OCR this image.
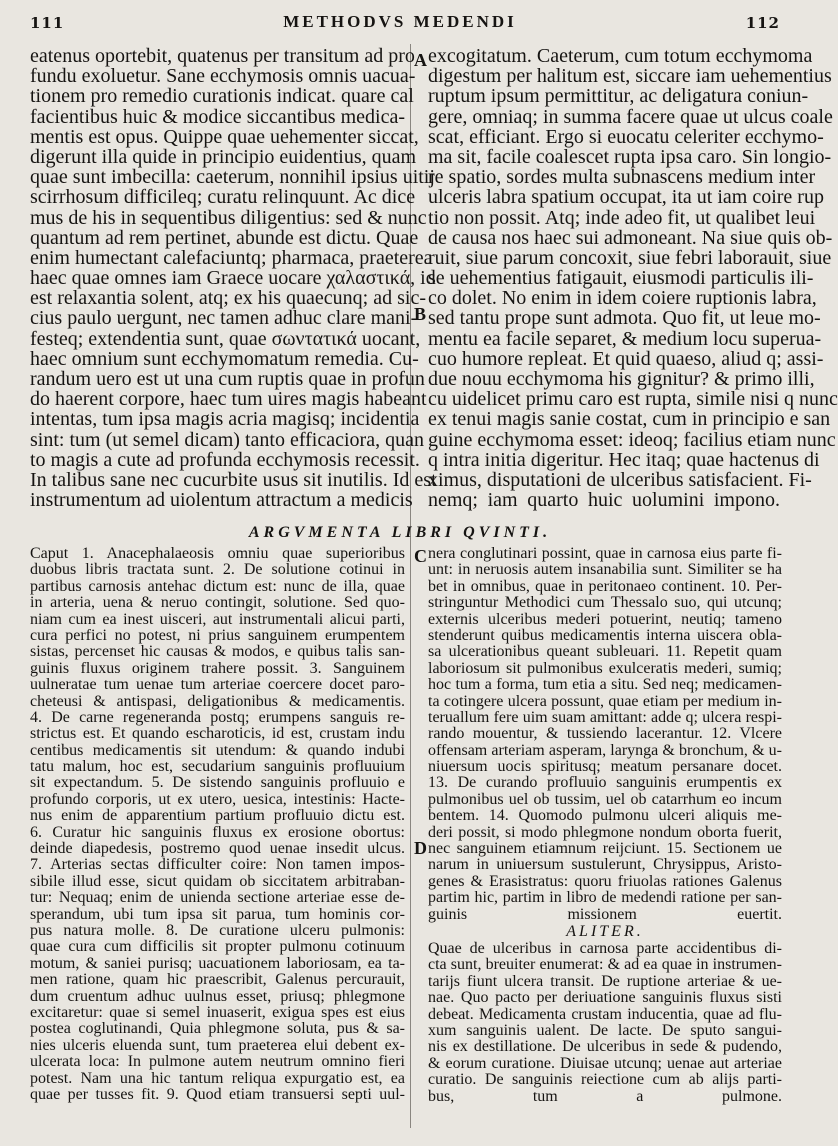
111	METHODVS MEDENDI	112
A
B
C
D
eatenus oportebit, quatenus per transitum ad pro
fundu exoluetur. Sane ecchymosis omnis uacua-
tionem pro remedio curationis indicat. quare cal
facientibus huic & modice siccantibus medica-
mentis est opus. Quippe quae uehementer siccat,
digerunt illa quide in principio euidentius, quam
quae sunt imbecilla: caeterum, nonnihil ipsius uitij
scirrhosum difficileq; curatu relinquunt. Ac dice
mus de his in sequentibus diligentius: sed & nunc
quantum ad rem pertinet, abunde est dictu. Quae
enim humectant calefaciuntq; pharmaca, praeterea
haec quae omnes iam Graece uocare χαλαστικά, id
est relaxantia solent, atq; ex his quaecunq; ad sic-
cius paulo uergunt, nec tamen adhuc clare mani-
festeq; extendentia sunt, quae σωντατικά uocant,
haec omnium sunt ecchymomatum remedia. Cu-
randum uero est ut una cum ruptis quae in profun
do haerent corpore, haec tum uires magis habeant
intentas, tum ipsa magis acria magisq; incidentia
sint: tum (ut semel dicam) tanto efficaciora, quan
to magis a cute ad profunda ecchymosis recessit.
In talibus sane nec cucurbite usus sit inutilis. Id est
instrumentum ad uiolentum attractum a medicis
excogitatum. Caeterum, cum totum ecchymoma
digestum per halitum est, siccare iam uehementius
ruptum ipsum permittitur, ac deligatura coniun-
gere, omniaq; in summa facere quae ut ulcus coale
scat, efficiant. Ergo si euocatu celeriter ecchymo-
ma sit, facile coalescet rupta ipsa caro. Sin longio-
re spatio, sordes multa subnascens medium inter
ulceris labra spatium occupat, ita ut iam coire rup
tio non possit. Atq; inde adeo fit, ut qualibet leui
de causa nos haec sui admoneant. Na siue quis ob-
ruit, siue parum concoxit, siue febri laborauit, siue
se uehementius fatigauit, eiusmodi particulis ili-
co dolet. No enim in idem coiere ruptionis labra,
sed tantu prope sunt admota. Quo fit, ut leue mo-
mentu ea facile separet, & medium locu superua-
cuo humore repleat. Et quid quaeso, aliud q; assi-
due nouu ecchymoma his gignitur? & primo illi,
cu uidelicet primu caro est rupta, simile nisi q nunc
ex tenui magis sanie costat, cum in principio e san
guine ecchymoma esset: ideoq; facilius etiam nunc
q intra initia digeritur. Hec itaq; quae hactenus di
ximus, disputationi de ulceribus satisfacient. Fi-
nemq; iam quarto huic uolumini impono.
ARGVMENTA LIBRI QVINTI.
Caput 1. Anacephalaeosis omniu quae superioribus
duobus libris tractata sunt. 2. De solutione cotinui in
partibus carnosis antehac dictum est: nunc de illa, quae
in arteria, uena & neruo contingit, solutione. Sed quo-
niam cum ea inest uisceri, aut instrumentali alicui parti,
cura perfici no potest, ni prius sanguinem erumpentem
sistas, percenset hic causas & modos, e quibus talis san-
guinis fluxus originem trahere possit. 3. Sanguinem
uulneratae tum uenae tum arteriae coercere docet paro-
cheteusi & antispasi, deligationibus & medicamentis.
4. De carne regeneranda postq; erumpens sanguis re-
strictus est. Et quando escharoticis, id est, crustam indu
centibus medicamentis sit utendum: & quando indubi
tatu malum, hoc est, secudarium sanguinis profluuium
sit expectandum. 5. De sistendo sanguinis profluuio e
profundo corporis, ut ex utero, uesica, intestinis: Hacte-
nus enim de apparentium partium profluuio dictu est.
6. Curatur hic sanguinis fluxus ex erosione obortus:
deinde diapedesis, postremo quod uenae insedit ulcus.
7. Arterias sectas difficulter coire: Non tamen impos-
sibile illud esse, sicut quidam ob siccitatem arbitraban-
tur: Nequaq; enim de unienda sectione arteriae esse de-
sperandum, ubi tum ipsa sit parua, tum hominis cor-
pus natura molle. 8. De curatione ulceru pulmonis:
quae cura cum difficilis sit propter pulmonu cotinuum
motum, & saniei purisq; uacuationem laboriosam, ea ta-
men ratione, quam hic praescribit, Galenus percurauit,
dum cruentum adhuc uulnus esset, priusq; phlegmone
excitaretur: quae si semel inuaserit, exigua spes est eius
postea coglutinandi, Quia phlegmone soluta, pus & sa-
nies ulceris eluenda sunt, tum praeterea elui debent ex-
ulcerata loca: In pulmone autem neutrum omnino fieri
potest. Nam una hic tantum reliqua expurgatio est, ea
quae per tusses fit. 9. Quod etiam transuersi septi uul-
nera conglutinari possint, quae in carnosa eius parte fi-
unt: in neruosis autem insanabilia sunt. Similiter se ha
bet in omnibus, quae in peritonaeo continent. 10. Per-
stringuntur Methodici cum Thessalo suo, qui utcunq;
externis ulceribus mederi potuerint, neutiq; tameno
stenderunt quibus medicamentis interna uiscera obla-
sa ulcerationibus queant subleuari. 11. Repetit quam
laboriosum sit pulmonibus exulceratis mederi, sumiq;
hoc tum a forma, tum etia a situ. Sed neq; medicamen-
ta cotingere ulcera possunt, quae etiam per medium in-
teruallum fere uim suam amittant: adde q; ulcera respi-
rando mouentur, & tussiendo lacerantur. 12. Vlcere
offensam arteriam asperam, larynga & bronchum, & u-
niuersum uocis spiritusq; meatum persanare docet.
13. De curando profluuio sanguinis erumpentis ex
pulmonibus uel ob tussim, uel ob catarrhum eo incum
bentem. 14. Quomodo pulmonu ulceri aliquis me-
deri possit, si modo phlegmone nondum oborta fuerit,
nec sanguinem etiamnum reijciunt. 15. Sectionem ue
narum in uniuersum sustulerunt, Chrysippus, Aristo-
genes & Erasistratus: quoru friuolas rationes Galenus
partim hic, partim in libro de medendi ratione per san-
guinis missionem euertit.
ALITER.
Quae de ulceribus in carnosa parte accidentibus di-
cta sunt, breuiter enumerat: & ad ea quae in instrumen-
tarijs fiunt ulcera transit. De ruptione arteriae & ue-
nae. Quo pacto per deriuatione sanguinis fluxus sisti
debeat. Medicamenta crustam inducentia, quae ad flu-
xum sanguinis ualent. De lacte. De sputo sangui-
nis ex destillatione. De ulceribus in sede & pudendo,
& eorum curatione. Diuisae utcunq; uenae aut arteriae
curatio. De sanguinis reiectione cum ab alijs parti-
bus, tum a pulmone.
